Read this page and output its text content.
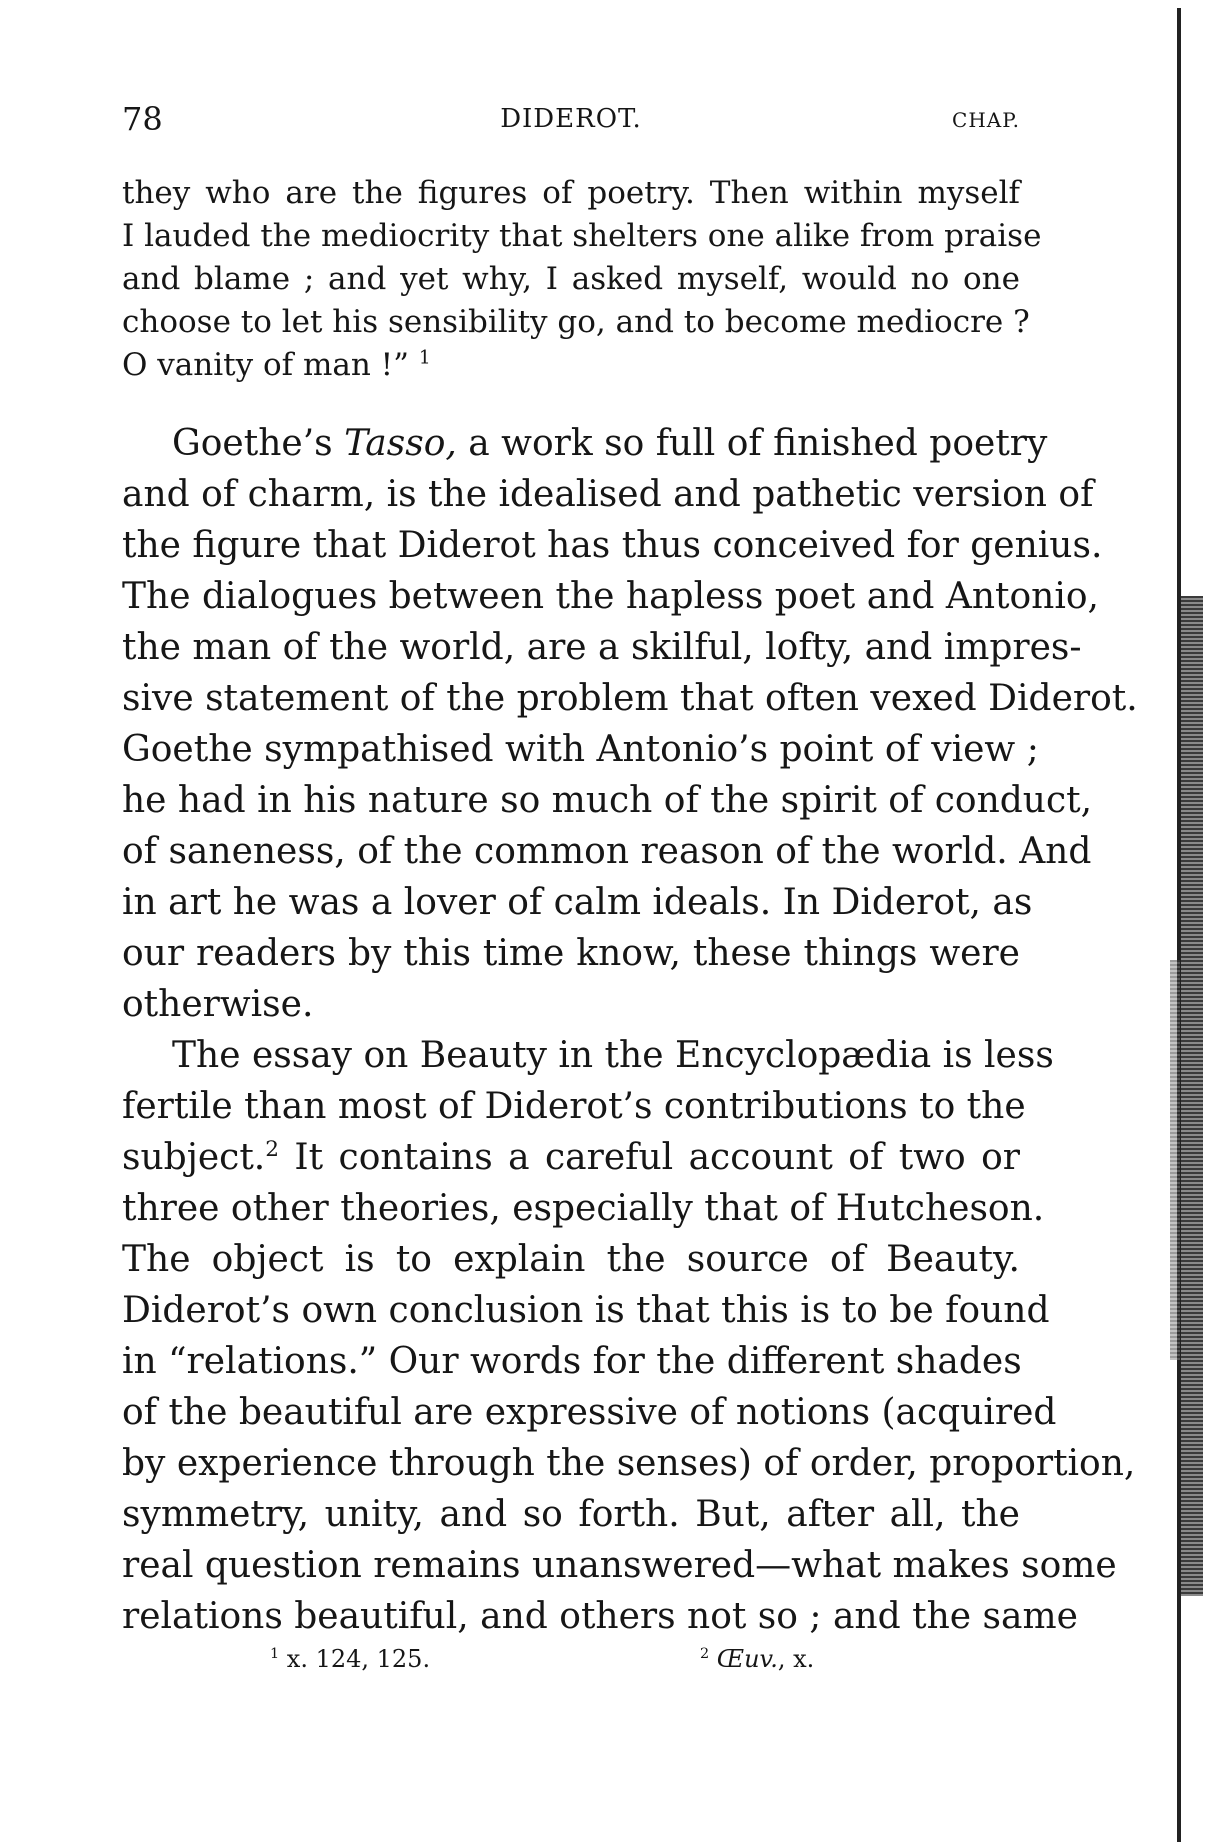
78	DIDEROT.	CHAP.
they who are the figures of poetry. Then within myself
I lauded the mediocrity that shelters one alike from praise
and blame ; and yet why, I asked myself, would no one
choose to let his sensibility go, and to become mediocre ?
O vanity of man !” $^1$
Goethe’s Tasso, a work so full of finished poetry
and of charm, is the idealised and pathetic version of
the figure that Diderot has thus conceived for genius.
The dialogues between the hapless poet and Antonio,
the man of the world, are a skilful, lofty, and impres-
sive statement of the problem that often vexed Diderot.
Goethe sympathised with Antonio’s point of view ;
he had in his nature so much of the spirit of conduct,
of saneness, of the common reason of the world. And
in art he was a lover of calm ideals. In Diderot, as
our readers by this time know, these things were
otherwise.
The essay on Beauty in the Encyclopædia is less
fertile than most of Diderot’s contributions to the
subject.$^2$ It contains a careful account of two or
three other theories, especially that of Hutcheson.
The object is to explain the source of Beauty.
Diderot’s own conclusion is that this is to be found
in “relations.” Our words for the different shades
of the beautiful are expressive of notions (acquired
by experience through the senses) of order, proportion,
symmetry, unity, and so forth. But, after all, the
real question remains unanswered—what makes some
relations beautiful, and others not so ; and the same
$^1$ x. 124, 125.	$^2$ Œuv., x.
